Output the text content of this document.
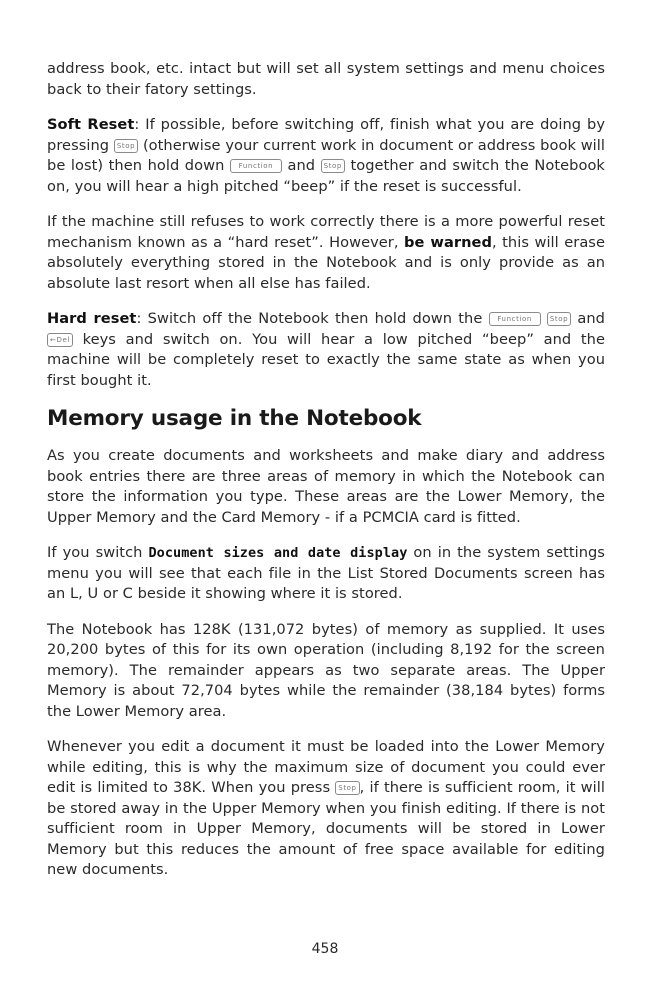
address book, etc. intact but will set all system settings and menu choices back to their fatory settings.

Soft Reset: If possible, before switching off, finish what you are doing by pressing Stop (otherwise your current work in document or address book will be lost) then hold down Function and Stop together and switch the Notebook on, you will hear a high pitched “beep” if the reset is successful.

If the machine still refuses to work correctly there is a more powerful reset mechanism known as a “hard reset”. However, be warned, this will erase absolutely everything stored in the Notebook and is only provide as an absolute last resort when all else has failed.

Hard reset: Switch off the Notebook then hold down the Function	Stop and ←Del keys and switch on. You will hear a low pitched “beep” and the machine will be completely reset to exactly the same state as when you first bought it.

Memory usage in the Notebook

As you create documents and worksheets and make diary and address book entries there are three areas of memory in which the Notebook can store the information you type. These areas are the Lower Memory, the Upper Memory and the Card Memory - if a PCMCIA card is fitted.

If you switch Document sizes and date display on in the system settings menu you will see that each file in the List Stored Documents screen has an L, U or C beside it showing where it is stored.

The Notebook has 128K (131,072 bytes) of memory as supplied. It uses 20,200 bytes of this for its own operation (including 8,192 for the screen memory). The remainder appears as two separate areas. The Upper Memory is about 72,704 bytes while the remainder (38,184 bytes) forms the Lower Memory area.

Whenever you edit a document it must be loaded into the Lower Memory while editing, this is why the maximum size of document you could ever edit is limited to 38K. When you press Stop , if there is sufficient room, it will be stored away in the Upper Memory when you finish editing. If there is not sufficient room in Upper Memory, documents will be stored in Lower Memory but this reduces the amount of free space available for editing new documents.

458
